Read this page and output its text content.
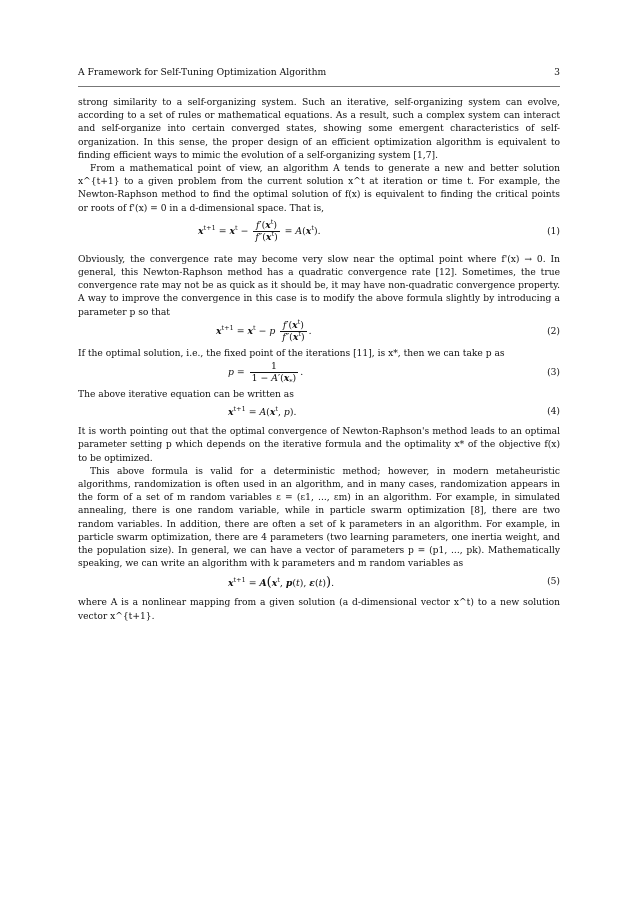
A Framework for Self-Tuning Optimization Algorithm	3

strong similarity to a self-organizing system. Such an iterative, self-organizing system can evolve, according to a set of rules or mathematical equations. As a result, such a complex system can interact and self-organize into certain converged states, showing some emergent characteristics of self-organization. In this sense, the proper design of an efficient optimization algorithm is equivalent to finding efficient ways to mimic the evolution of a self-organizing system [1,7].

From a mathematical point of view, an algorithm A tends to generate a new and better solution x^{t+1} to a given problem from the current solution x^t at iteration or time t. For example, the Newton-Raphson method to find the optimal solution of f(x) is equivalent to finding the critical points or roots of f'(x) = 0 in a d-dimensional space. That is,

$x^{t+1} = x^t - \frac{f'(x^t)}{f''(x^t)} = A(x^t)$.	(1)

Obviously, the convergence rate may become very slow near the optimal point where f'(x) → 0. In general, this Newton-Raphson method has a quadratic convergence rate [12]. Sometimes, the true convergence rate may not be as quick as it should be, it may have non-quadratic convergence property. A way to improve the convergence in this case is to modify the above formula slightly by introducing a parameter p so that

$x^{t+1} = x^t - p \frac{f'(x^t)}{f''(x^t)}$ .	(2)

If the optimal solution, i.e., the fixed point of the iterations [11], is x*, then we can take p as

$p = \frac{1}{1 - A'(x_*)}$ .	(3)

The above iterative equation can be written as

$x^{t+1} = A(x^t$, p).	(4)

It is worth pointing out that the optimal convergence of Newton-Raphson's method leads to an optimal parameter setting p which depends on the iterative formula and the optimality x* of the objective f(x) to be optimized.

This above formula is valid for a deterministic method; however, in modern metaheuristic algorithms, randomization is often used in an algorithm, and in many cases, randomization appears in the form of a set of m random variables ε = (ε1, ..., εm) in an algorithm. For example, in simulated annealing, there is one random variable, while in particle swarm optimization [8], there are two random variables. In addition, there are often a set of k parameters in an algorithm. For example, in particle swarm optimization, there are 4 parameters (two learning parameters, one inertia weight, and the population size). In general, we can have a vector of parameters p = (p1, ..., pk). Mathematically speaking, we can write an algorithm with k parameters and m random variables as

$x^{t+1} = A(x^t$, p(t), ε(t)).	(5)

where A is a nonlinear mapping from a given solution (a d-dimensional vector x^t) to a new solution vector x^{t+1}.
